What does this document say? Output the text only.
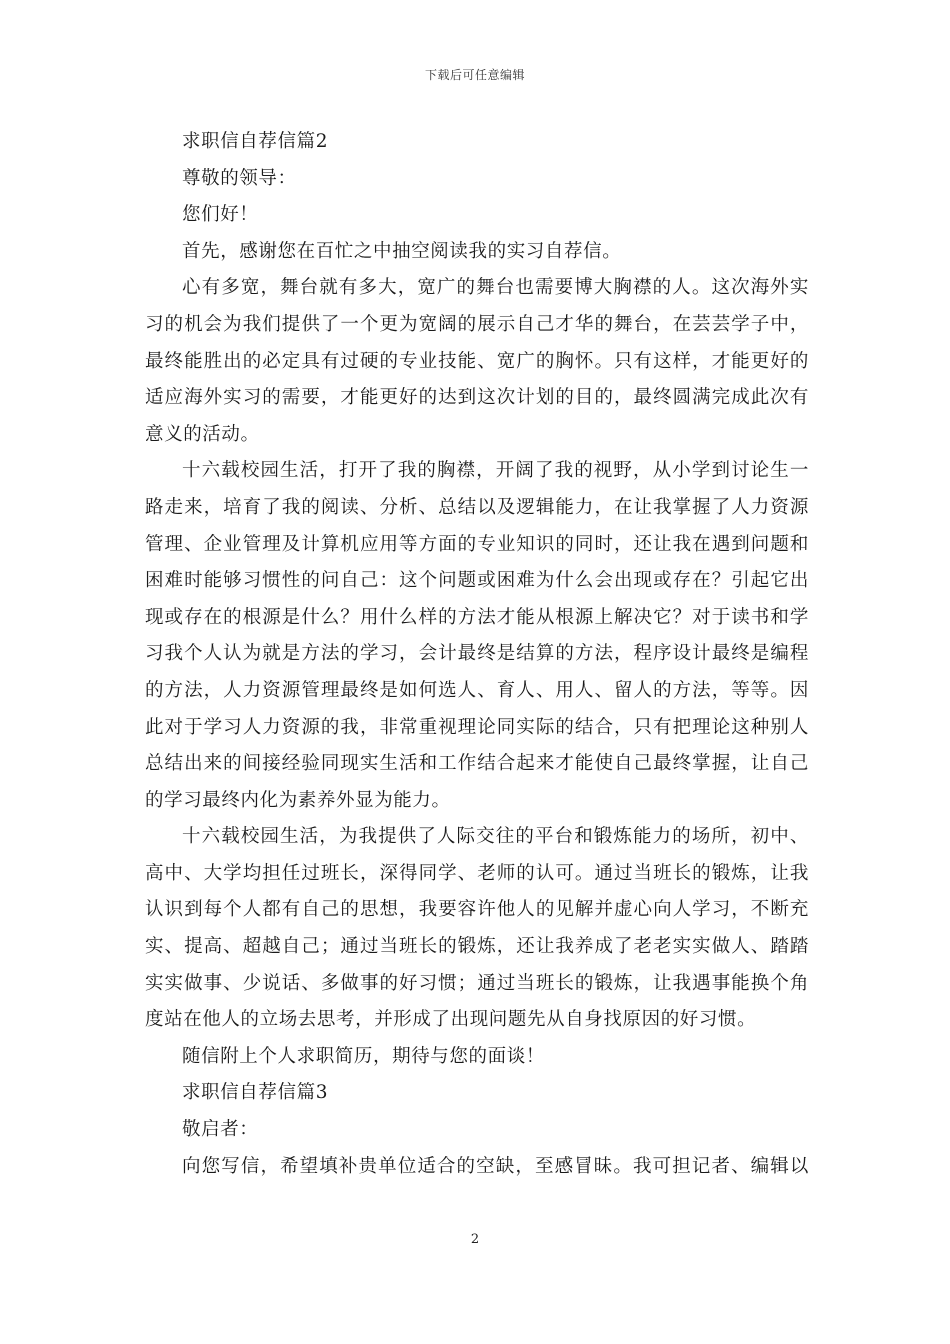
下载后可任意编辑
求职信自荐信篇2
尊敬的领导：
您们好！
首先，感谢您在百忙之中抽空阅读我的实习自荐信。
心有多宽，舞台就有多大，宽广的舞台也需要博大胸襟的人。这次海外实
习的机会为我们提供了一个更为宽阔的展示自己才华的舞台，在芸芸学子中，
最终能胜出的必定具有过硬的专业技能、宽广的胸怀。只有这样，才能更好的
适应海外实习的需要，才能更好的达到这次计划的目的，最终圆满完成此次有
意义的活动。
十六载校园生活，打开了我的胸襟，开阔了我的视野，从小学到讨论生一
路走来，培育了我的阅读、分析、总结以及逻辑能力，在让我掌握了人力资源
管理、企业管理及计算机应用等方面的专业知识的同时，还让我在遇到问题和
困难时能够习惯性的问自己：这个问题或困难为什么会出现或存在？引起它出
现或存在的根源是什么？用什么样的方法才能从根源上解决它？对于读书和学
习我个人认为就是方法的学习，会计最终是结算的方法，程序设计最终是编程
的方法，人力资源管理最终是如何选人、育人、用人、留人的方法，等等。因
此对于学习人力资源的我，非常重视理论同实际的结合，只有把理论这种别人
总结出来的间接经验同现实生活和工作结合起来才能使自己最终掌握，让自己
的学习最终内化为素养外显为能力。
十六载校园生活，为我提供了人际交往的平台和锻炼能力的场所，初中、
高中、大学均担任过班长，深得同学、老师的认可。通过当班长的锻炼，让我
认识到每个人都有自己的思想，我要容许他人的见解并虚心向人学习，不断充
实、提高、超越自己；通过当班长的锻炼，还让我养成了老老实实做人、踏踏
实实做事、少说话、多做事的好习惯；通过当班长的锻炼，让我遇事能换个角
度站在他人的立场去思考，并形成了出现问题先从自身找原因的好习惯。
随信附上个人求职简历，期待与您的面谈！
求职信自荐信篇3
敬启者：
向您写信，希望填补贵单位适合的空缺，至感冒昧。我可担记者、编辑以
2
